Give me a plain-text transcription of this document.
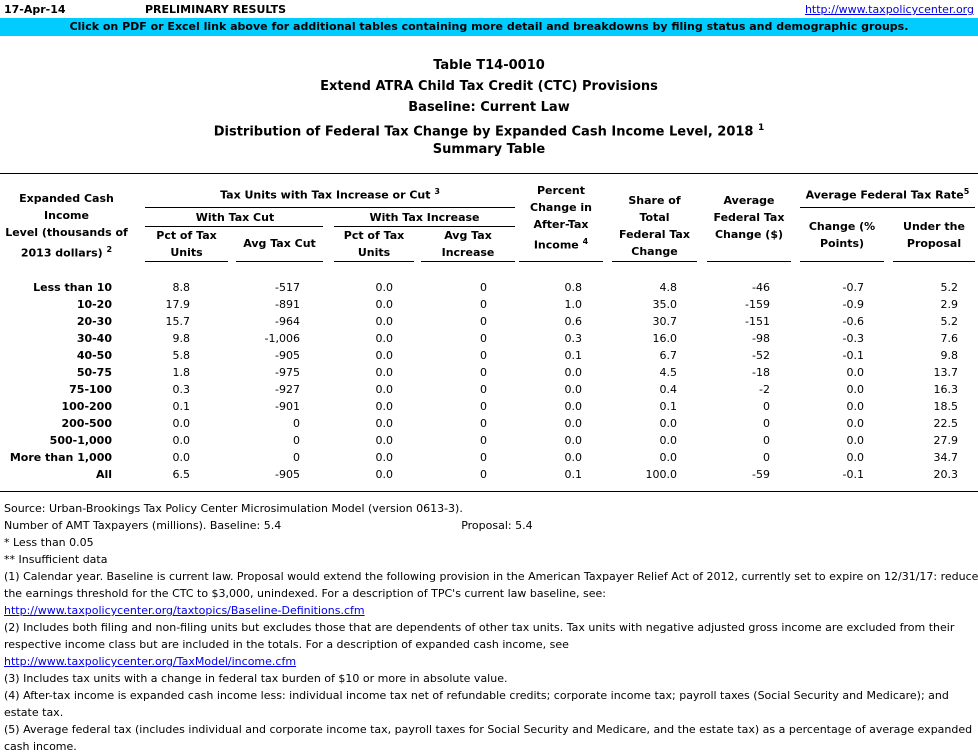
17-Apr-14	PRELIMINARY RESULTS	http://www.taxpolicycenter.org
Click on PDF or Excel link above for additional tables containing more detail and breakdowns by filing status and demographic groups.
Table T14-0010
Extend ATRA Child Tax Credit (CTC) Provisions
Baseline: Current Law
Distribution of Federal Tax Change by Expanded Cash Income Level, 2018 $^1$
Summary Table
Expanded Cash Income
Level (thousands of
2013 dollars) $^2$
Tax Units with Tax Increase or Cut $^3$
With Tax Cut	With Tax Increase
Pct of Tax
Units
Avg Tax Cut
Pct of Tax
Units
Avg Tax
Increase
Percent
Change in
After-Tax
Income $^4$
Share of Total
Federal Tax
Change
Average
Federal Tax
Change ($)
Average Federal Tax Rate$^5$
Change (%
Points)
Under the
Proposal
Less than 10	8.8	-517	0.0	0	0.8	4.8	-46	-0.7	5.2
10-20	17.9	-891	0.0	0	1.0	35.0	-159	-0.9	2.9
20-30	15.7	-964	0.0	0	0.6	30.7	-151	-0.6	5.2
30-40	9.8	-1,006	0.0	0	0.3	16.0	-98	-0.3	7.6
40-50	5.8	-905	0.0	0	0.1	6.7	-52	-0.1	9.8
50-75	1.8	-975	0.0	0	0.0	4.5	-18	0.0	13.7
75-100	0.3	-927	0.0	0	0.0	0.4	-2	0.0	16.3
100-200	0.1	-901	0.0	0	0.0	0.1	0	0.0	18.5
200-500	0.0	0	0.0	0	0.0	0.0	0	0.0	22.5
500-1,000	0.0	0	0.0	0	0.0	0.0	0	0.0	27.9
More than 1,000	0.0	0	0.0	0	0.0	0.0	0	0.0	34.7
All	6.5	-905	0.0	0	0.1	100.0	-59	-0.1	20.3
Source: Urban-Brookings Tax Policy Center Microsimulation Model (version 0613-3).
Number of AMT Taxpayers (millions). Baseline: 5.4	Proposal: 5.4
* Less than 0.05
** Insufficient data
(1) Calendar year. Baseline is current law. Proposal would extend the following provision in the American Taxpayer Relief Act of 2012, currently set to expire on 12/31/17: reduce
the earnings threshold for the CTC to $3,000, unindexed. For a description of TPC's current law baseline, see:
http://www.taxpolicycenter.org/taxtopics/Baseline-Definitions.cfm
(2) Includes both filing and non-filing units but excludes those that are dependents of other tax units. Tax units with negative adjusted gross income are excluded from their
respective income class but are included in the totals. For a description of expanded cash income, see
http://www.taxpolicycenter.org/TaxModel/income.cfm
(3) Includes tax units with a change in federal tax burden of $10 or more in absolute value.
(4) After-tax income is expanded cash income less: individual income tax net of refundable credits; corporate income tax; payroll taxes (Social Security and Medicare); and
estate tax.
(5) Average federal tax (includes individual and corporate income tax, payroll taxes for Social Security and Medicare, and the estate tax) as a percentage of average expanded
cash income.
